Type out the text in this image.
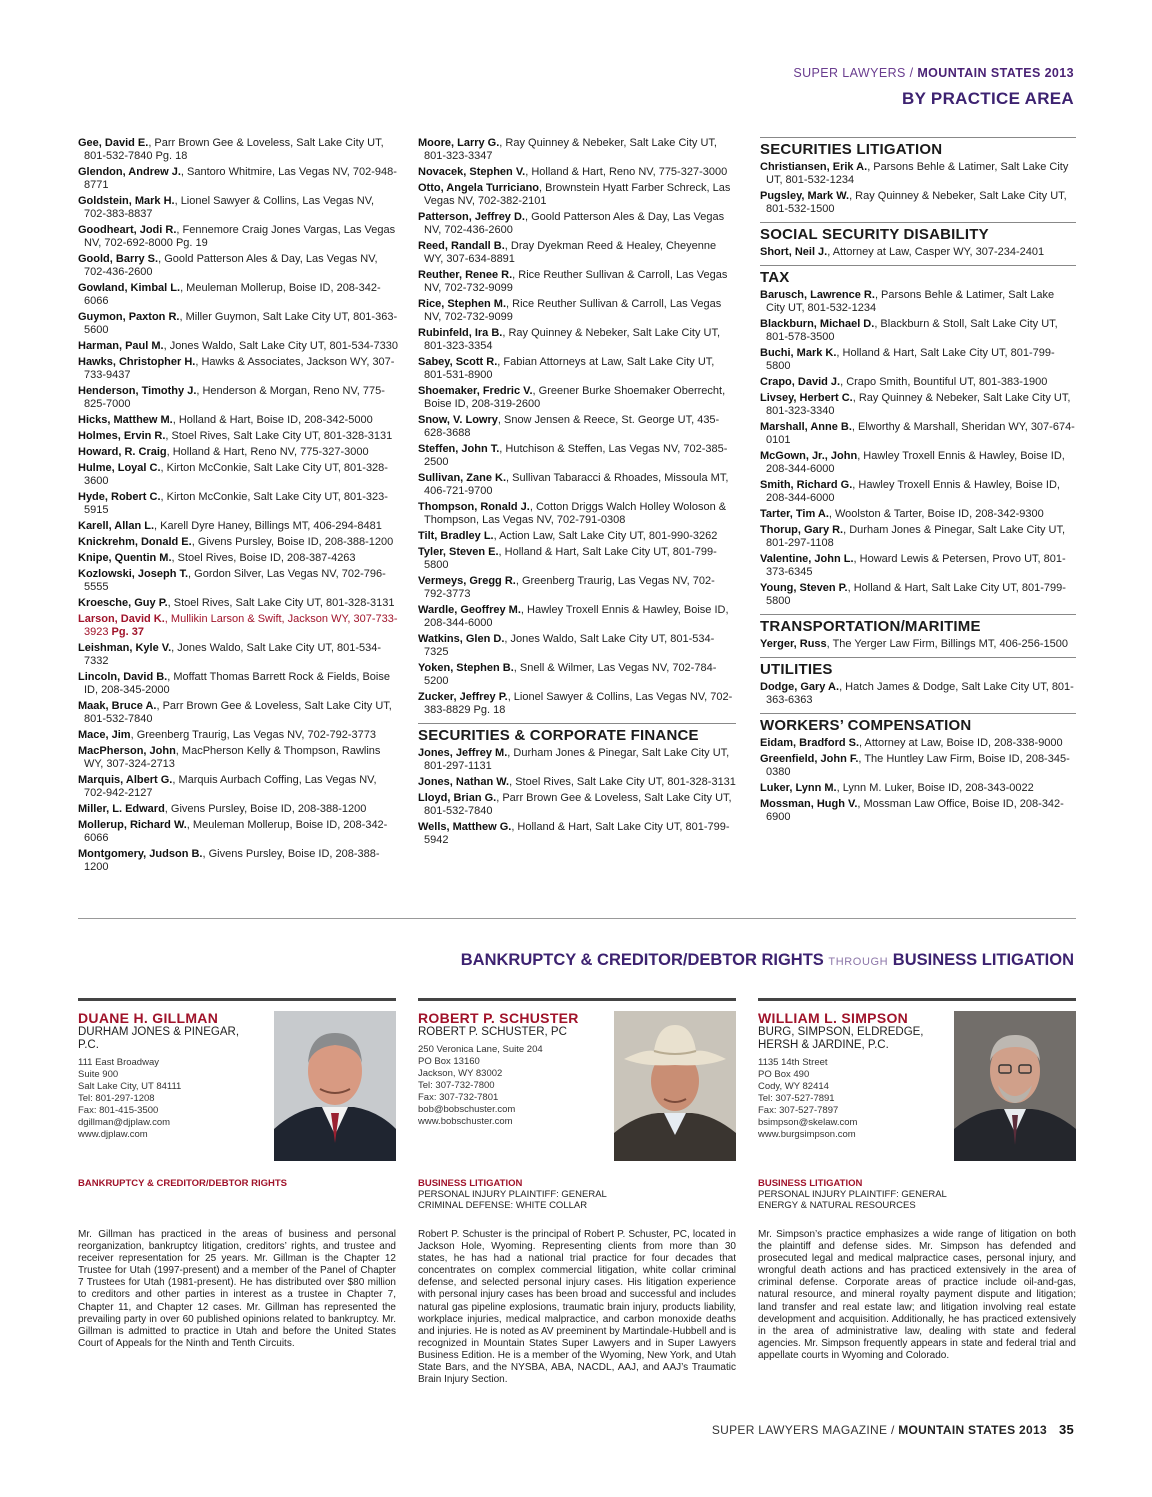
SUPER LAWYERS / MOUNTAIN STATES 2013
BY PRACTICE AREA
Gee, David E., Parr Brown Gee & Loveless, Salt Lake City UT, 801-532-7840 Pg. 18
Glendon, Andrew J., Santoro Whitmire, Las Vegas NV, 702-948-8771
Goldstein, Mark H., Lionel Sawyer & Collins, Las Vegas NV, 702-383-8837
Goodheart, Jodi R., Fennemore Craig Jones Vargas, Las Vegas NV, 702-692-8000 Pg. 19
Goold, Barry S., Goold Patterson Ales & Day, Las Vegas NV, 702-436-2600
Gowland, Kimbal L., Meuleman Mollerup, Boise ID, 208-342-6066
Guymon, Paxton R., Miller Guymon, Salt Lake City UT, 801-363-5600
Harman, Paul M., Jones Waldo, Salt Lake City UT, 801-534-7330
Hawks, Christopher H., Hawks & Associates, Jackson WY, 307-733-9437
Henderson, Timothy J., Henderson & Morgan, Reno NV, 775-825-7000
Hicks, Matthew M., Holland & Hart, Boise ID, 208-342-5000
Holmes, Ervin R., Stoel Rives, Salt Lake City UT, 801-328-3131
Howard, R. Craig, Holland & Hart, Reno NV, 775-327-3000
Hulme, Loyal C., Kirton McConkie, Salt Lake City UT, 801-328-3600
Hyde, Robert C., Kirton McConkie, Salt Lake City UT, 801-323-5915
Karell, Allan L., Karell Dyre Haney, Billings MT, 406-294-8481
Knickrehm, Donald E., Givens Pursley, Boise ID, 208-388-1200
Knipe, Quentin M., Stoel Rives, Boise ID, 208-387-4263
Kozlowski, Joseph T., Gordon Silver, Las Vegas NV, 702-796-5555
Kroesche, Guy P., Stoel Rives, Salt Lake City UT, 801-328-3131
Larson, David K., Mullikin Larson & Swift, Jackson WY, 307-733-3923 Pg. 37
Leishman, Kyle V., Jones Waldo, Salt Lake City UT, 801-534-7332
Lincoln, David B., Moffatt Thomas Barrett Rock & Fields, Boise ID, 208-345-2000
Maak, Bruce A., Parr Brown Gee & Loveless, Salt Lake City UT, 801-532-7840
Mace, Jim, Greenberg Traurig, Las Vegas NV, 702-792-3773
MacPherson, John, MacPherson Kelly & Thompson, Rawlins WY, 307-324-2713
Marquis, Albert G., Marquis Aurbach Coffing, Las Vegas NV, 702-942-2127
Miller, L. Edward, Givens Pursley, Boise ID, 208-388-1200
Mollerup, Richard W., Meuleman Mollerup, Boise ID, 208-342-6066
Montgomery, Judson B., Givens Pursley, Boise ID, 208-388-1200
Moore, Larry G., Ray Quinney & Nebeker, Salt Lake City UT, 801-323-3347
Novacek, Stephen V., Holland & Hart, Reno NV, 775-327-3000
Otto, Angela Turriciano, Brownstein Hyatt Farber Schreck, Las Vegas NV, 702-382-2101
Patterson, Jeffrey D., Goold Patterson Ales & Day, Las Vegas NV, 702-436-2600
Reed, Randall B., Dray Dyekman Reed & Healey, Cheyenne WY, 307-634-8891
Reuther, Renee R., Rice Reuther Sullivan & Carroll, Las Vegas NV, 702-732-9099
Rice, Stephen M., Rice Reuther Sullivan & Carroll, Las Vegas NV, 702-732-9099
Rubinfeld, Ira B., Ray Quinney & Nebeker, Salt Lake City UT, 801-323-3354
Sabey, Scott R., Fabian Attorneys at Law, Salt Lake City UT, 801-531-8900
Shoemaker, Fredric V., Greener Burke Shoemaker Oberrecht, Boise ID, 208-319-2600
Snow, V. Lowry, Snow Jensen & Reece, St. George UT, 435-628-3688
Steffen, John T., Hutchison & Steffen, Las Vegas NV, 702-385-2500
Sullivan, Zane K., Sullivan Tabaracci & Rhoades, Missoula MT, 406-721-9700
Thompson, Ronald J., Cotton Driggs Walch Holley Woloson & Thompson, Las Vegas NV, 702-791-0308
Tilt, Bradley L., Action Law, Salt Lake City UT, 801-990-3262
Tyler, Steven E., Holland & Hart, Salt Lake City UT, 801-799-5800
Vermeys, Gregg R., Greenberg Traurig, Las Vegas NV, 702-792-3773
Wardle, Geoffrey M., Hawley Troxell Ennis & Hawley, Boise ID, 208-344-6000
Watkins, Glen D., Jones Waldo, Salt Lake City UT, 801-534-7325
Yoken, Stephen B., Snell & Wilmer, Las Vegas NV, 702-784-5200
Zucker, Jeffrey P., Lionel Sawyer & Collins, Las Vegas NV, 702-383-8829 Pg. 18
SECURITIES & CORPORATE FINANCE
Jones, Jeffrey M., Durham Jones & Pinegar, Salt Lake City UT, 801-297-1131
Jones, Nathan W., Stoel Rives, Salt Lake City UT, 801-328-3131
Lloyd, Brian G., Parr Brown Gee & Loveless, Salt Lake City UT, 801-532-7840
Wells, Matthew G., Holland & Hart, Salt Lake City UT, 801-799-5942
SECURITIES LITIGATION
Christiansen, Erik A., Parsons Behle & Latimer, Salt Lake City UT, 801-532-1234
Pugsley, Mark W., Ray Quinney & Nebeker, Salt Lake City UT, 801-532-1500
SOCIAL SECURITY DISABILITY
Short, Neil J., Attorney at Law, Casper WY, 307-234-2401
TAX
Barusch, Lawrence R., Parsons Behle & Latimer, Salt Lake City UT, 801-532-1234
Blackburn, Michael D., Blackburn & Stoll, Salt Lake City UT, 801-578-3500
Buchi, Mark K., Holland & Hart, Salt Lake City UT, 801-799-5800
Crapo, David J., Crapo Smith, Bountiful UT, 801-383-1900
Livsey, Herbert C., Ray Quinney & Nebeker, Salt Lake City UT, 801-323-3340
Marshall, Anne B., Elworthy & Marshall, Sheridan WY, 307-674-0101
McGown, Jr., John, Hawley Troxell Ennis & Hawley, Boise ID, 208-344-6000
Smith, Richard G., Hawley Troxell Ennis & Hawley, Boise ID, 208-344-6000
Tarter, Tim A., Woolston & Tarter, Boise ID, 208-342-9300
Thorup, Gary R., Durham Jones & Pinegar, Salt Lake City UT, 801-297-1108
Valentine, John L., Howard Lewis & Petersen, Provo UT, 801-373-6345
Young, Steven P., Holland & Hart, Salt Lake City UT, 801-799-5800
TRANSPORTATION/MARITIME
Yerger, Russ, The Yerger Law Firm, Billings MT, 406-256-1500
UTILITIES
Dodge, Gary A., Hatch James & Dodge, Salt Lake City UT, 801-363-6363
WORKERS’ COMPENSATION
Eidam, Bradford S., Attorney at Law, Boise ID, 208-338-9000
Greenfield, John F., The Huntley Law Firm, Boise ID, 208-345-0380
Luker, Lynn M., Lynn M. Luker, Boise ID, 208-343-0022
Mossman, Hugh V., Mossman Law Office, Boise ID, 208-342-6900
BANKRUPTCY & CREDITOR/DEBTOR RIGHTS THROUGH BUSINESS LITIGATION
DUANE H. GILLMAN
DURHAM JONES & PINEGAR, P.C.
111 East Broadway
Suite 900
Salt Lake City, UT 84111
Tel: 801-297-1208
Fax: 801-415-3500
dgillman@djplaw.com
www.djplaw.com
BANKRUPTCY & CREDITOR/DEBTOR RIGHTS
Mr. Gillman has practiced in the areas of business and personal reorganization, bankruptcy litigation, creditors’ rights, and trustee and receiver representation for 25 years. Mr. Gillman is the Chapter 12 Trustee for Utah (1997-present) and a member of the Panel of Chapter 7 Trustees for Utah (1981-present). He has distributed over $80 million to creditors and other parties in interest as a trustee in Chapter 7, Chapter 11, and Chapter 12 cases. Mr. Gillman has represented the prevailing party in over 60 published opinions related to bankruptcy. Mr. Gillman is admitted to practice in Utah and before the United States Court of Appeals for the Ninth and Tenth Circuits.
ROBERT P. SCHUSTER
ROBERT P. SCHUSTER, PC
250 Veronica Lane, Suite 204
PO Box 13160
Jackson, WY 83002
Tel: 307-732-7800
Fax: 307-732-7801
bob@bobschuster.com
www.bobschuster.com
BUSINESS LITIGATION
PERSONAL INJURY PLAINTIFF: GENERAL
CRIMINAL DEFENSE: WHITE COLLAR
Robert P. Schuster is the principal of Robert P. Schuster, PC, located in Jackson Hole, Wyoming. Representing clients from more than 30 states, he has had a national trial practice for four decades that concentrates on complex commercial litigation, white collar criminal defense, and selected personal injury cases. His litigation experience with personal injury cases has been broad and successful and includes natural gas pipeline explosions, traumatic brain injury, products liability, workplace injuries, medical malpractice, and carbon monoxide deaths and injuries. He is noted as AV preeminent by Martindale-Hubbell and is recognized in Mountain States Super Lawyers and in Super Lawyers Business Edition. He is a member of the Wyoming, New York, and Utah State Bars, and the NYSBA, ABA, NACDL, AAJ, and AAJ’s Traumatic Brain Injury Section.
WILLIAM L. SIMPSON
BURG, SIMPSON, ELDREDGE, HERSH & JARDINE, P.C.
1135 14th Street
PO Box 490
Cody, WY 82414
Tel: 307-527-7891
Fax: 307-527-7897
bsimpson@skelaw.com
www.burgsimpson.com
BUSINESS LITIGATION
PERSONAL INJURY PLAINTIFF: GENERAL
ENERGY & NATURAL RESOURCES
Mr. Simpson’s practice emphasizes a wide range of litigation on both the plaintiff and defense sides. Mr. Simpson has defended and prosecuted legal and medical malpractice cases, personal injury, and wrongful death actions and has practiced extensively in the area of criminal defense. Corporate areas of practice include oil-and-gas, natural resource, and mineral royalty payment dispute and litigation; land transfer and real estate law; and litigation involving real estate development and acquisition. Additionally, he has practiced extensively in the area of administrative law, dealing with state and federal agencies. Mr. Simpson frequently appears in state and federal trial and appellate courts in Wyoming and Colorado.
SUPER LAWYERS MAGAZINE / MOUNTAIN STATES 2013 35
